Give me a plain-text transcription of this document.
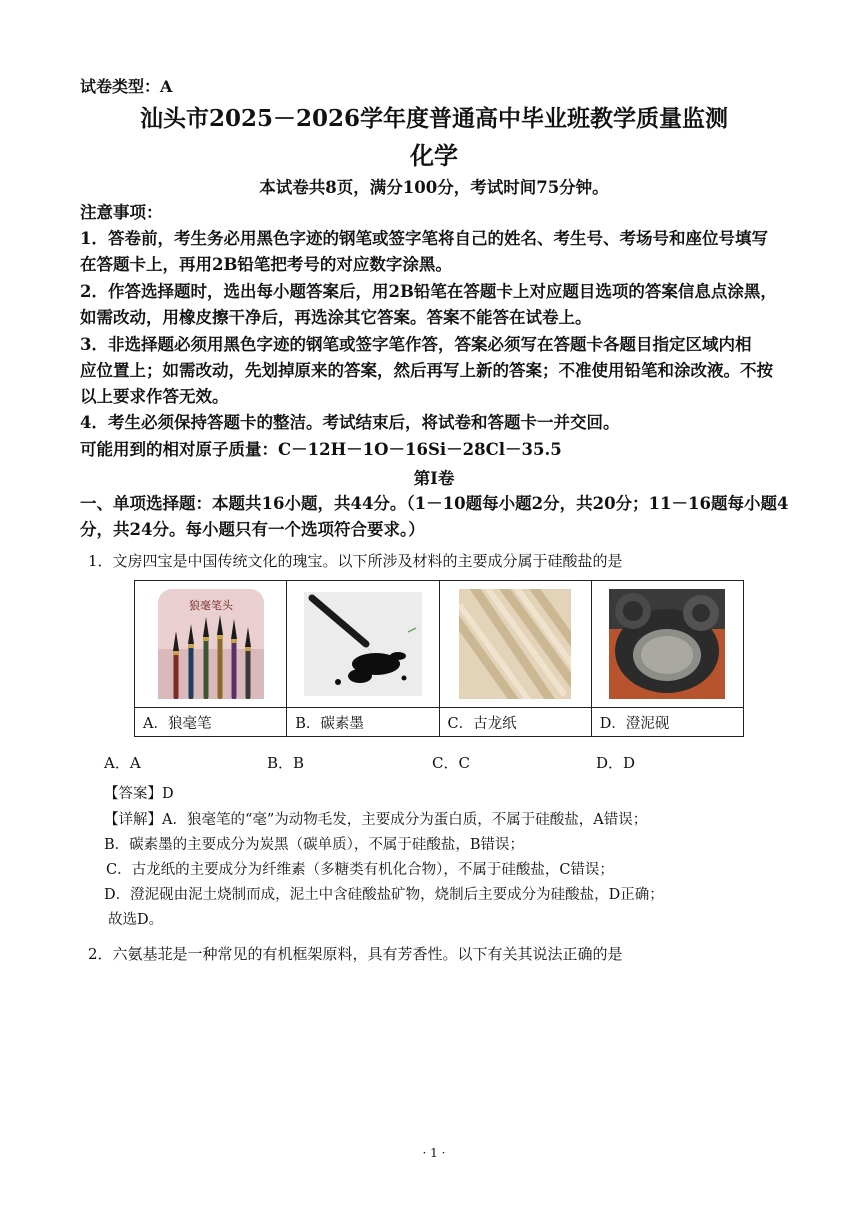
试卷类型：A
汕头市2025－2026学年度普通高中毕业班教学质量监测
化学
本试卷共8页，满分100分，考试时间75分钟。
注意事项：
1．答卷前，考生务必用黑色字迹的钢笔或签字笔将自己的姓名、考生号、考场号和座位号填写
在答题卡上，再用2B铅笔把考号的对应数字涂黑。
2．作答选择题时，选出每小题答案后，用2B铅笔在答题卡上对应题目选项的答案信息点涂黑，
如需改动，用橡皮擦干净后，再选涂其它答案。答案不能答在试卷上。
3．非选择题必须用黑色字迹的钢笔或签字笔作答，答案必须写在答题卡各题目指定区域内相
应位置上；如需改动，先划掉原来的答案，然后再写上新的答案；不准使用铅笔和涂改液。不按
以上要求作答无效。
4．考生必须保持答题卡的整洁。考试结束后，将试卷和答题卡一并交回。
可能用到的相对原子质量：C－12H－1O－16Si－28Cl－35.5
第I卷
一、单项选择题：本题共16小题，共44分。（1－10题每小题2分，共20分；11－16题每小题4
分，共24分。每小题只有一个选项符合要求。）
1．文房四宝是中国传统文化的瑰宝。以下所涉及材料的主要成分属于硅酸盐的是
狼毫笔头

A．狼毫笔	B．碳素墨	C．古龙纸	D．澄泥砚
A．A	B．B	C．C	D．D
【答案】D
【详解】A．狼毫笔的“毫”为动物毛发，主要成分为蛋白质，不属于硅酸盐，A错误；
B．碳素墨的主要成分为炭黑（碳单质），不属于硅酸盐，B错误；
C．古龙纸的主要成分为纤维素（多糖类有机化合物），不属于硅酸盐，C错误；
D．澄泥砚由泥土烧制而成，泥土中含硅酸盐矿物，烧制后主要成分为硅酸盐，D正确；
故选D。
2．六氨基苝是一种常见的有机框架原料，具有芳香性。以下有关其说法正确的是
· 1 ·
